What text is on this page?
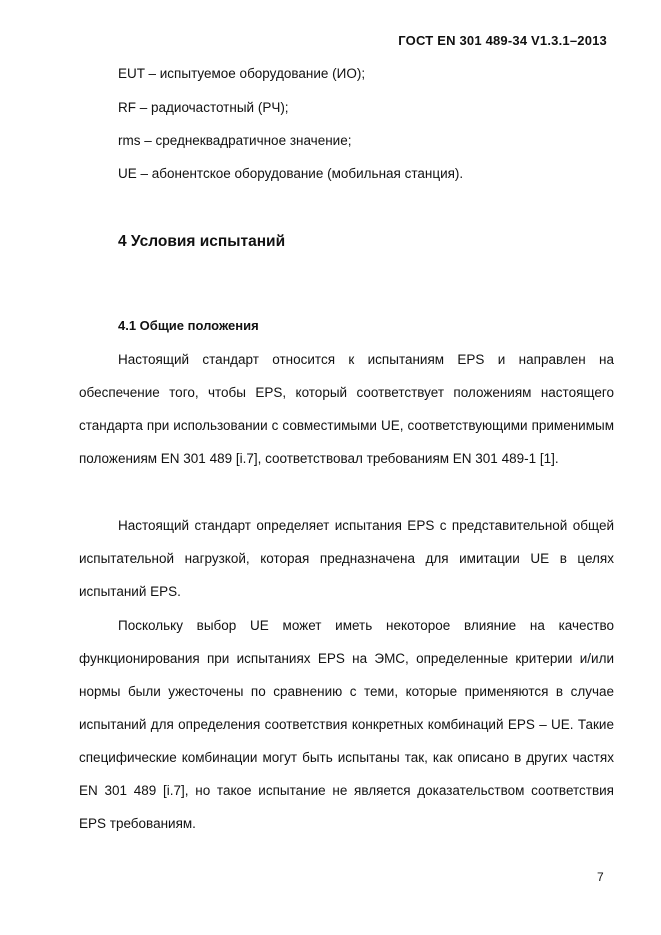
ГОСТ EN 301 489-34 V1.3.1–2013
EUT – испытуемое оборудование (ИО);
RF – радиочастотный (РЧ);
rms – среднеквадратичное значение;
UE – абонентское оборудование (мобильная станция).
4 Условия испытаний
4.1 Общие положения

Настоящий стандарт относится к испытаниям EPS и направлен на обеспечение того, чтобы EPS, который соответствует положениям настоящего стандарта при использовании с совместимыми UE, соответствующими применимым положениям EN 301 489 [i.7], соответствовал требованиям EN 301 489-1 [1].

Настоящий стандарт определяет испытания EPS с представительной общей испытательной нагрузкой, которая предназначена для имитации UE в целях испытаний EPS.

Поскольку выбор UE может иметь некоторое влияние на качество функционирования при испытаниях EPS на ЭМС, определенные критерии и/или нормы были ужесточены по сравнению с теми, которые применяются в случае испытаний для определения соответствия конкретных комбинаций EPS – UE. Такие специфические комбинации могут быть испытаны так, как описано в других частях EN 301 489 [i.7], но такое испытание не является доказательством соответствия EPS требованиям.

7
